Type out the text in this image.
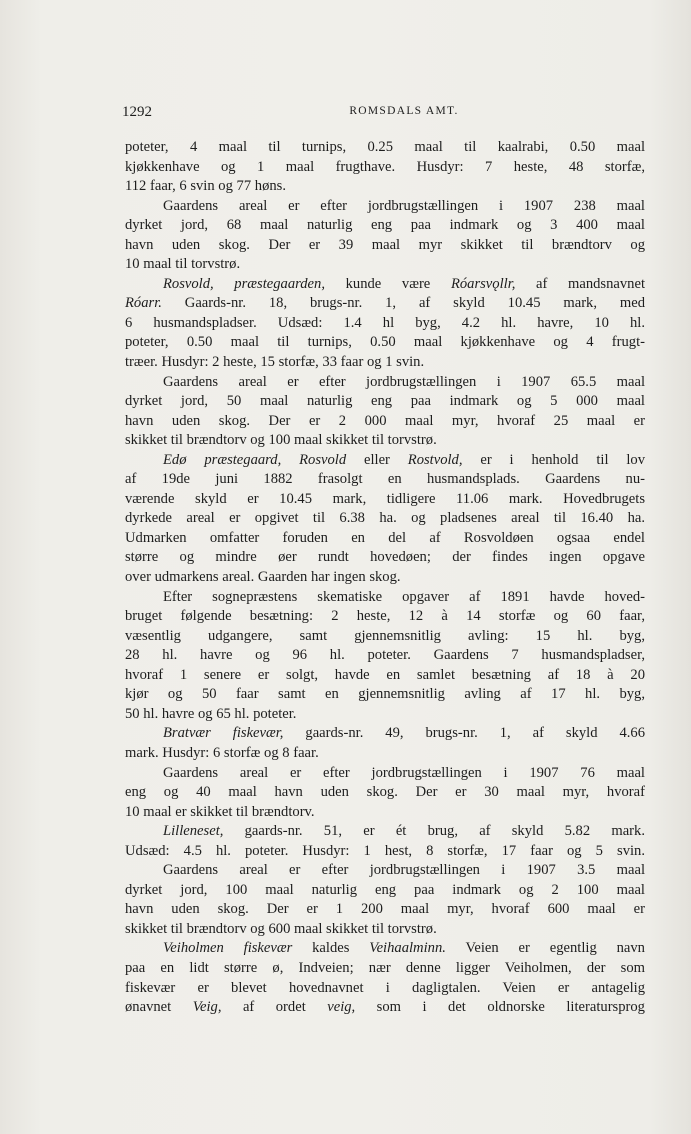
1292	ROMSDALS AMT.
poteter, 4 maal til turnips, 0.25 maal til kaalrabi, 0.50 maal
kjøkkenhave og 1 maal frugthave. Husdyr: 7 heste, 48 storfæ,
112 faar, 6 svin og 77 høns.
Gaardens areal er efter jordbrugstællingen i 1907 238 maal
dyrket jord, 68 maal naturlig eng paa indmark og 3 400 maal
havn uden skog. Der er 39 maal myr skikket til brændtorv og
10 maal til torvstrø.
Rosvold, præstegaarden, kunde være Róarsvǫllr, af mandsnavnet
Róarr. Gaards-nr. 18, brugs-nr. 1, af skyld 10.45 mark, med
6 husmandspladser. Udsæd: 1.4 hl byg, 4.2 hl. havre, 10 hl.
poteter, 0.50 maal til turnips, 0.50 maal kjøkkenhave og 4 frugt-
træer. Husdyr: 2 heste, 15 storfæ, 33 faar og 1 svin.
Gaardens areal er efter jordbrugstællingen i 1907 65.5 maal
dyrket jord, 50 maal naturlig eng paa indmark og 5 000 maal
havn uden skog. Der er 2 000 maal myr, hvoraf 25 maal er
skikket til brændtorv og 100 maal skikket til torvstrø.
Edø præstegaard, Rosvold eller Rostvold, er i henhold til lov
af 19de juni 1882 frasolgt en husmandsplads. Gaardens nu-
værende skyld er 10.45 mark, tidligere 11.06 mark. Hovedbrugets
dyrkede areal er opgivet til 6.38 ha. og pladsenes areal til 16.40 ha.
Udmarken omfatter foruden en del af Rosvoldøen ogsaa endel
større og mindre øer rundt hovedøen; der findes ingen opgave
over udmarkens areal. Gaarden har ingen skog.
Efter sognepræstens skematiske opgaver af 1891 havde hoved-
bruget følgende besætning: 2 heste, 12 à 14 storfæ og 60 faar,
væsentlig udgangere, samt gjennemsnitlig avling: 15 hl. byg,
28 hl. havre og 96 hl. poteter. Gaardens 7 husmandspladser,
hvoraf 1 senere er solgt, havde en samlet besætning af 18 à 20
kjør og 50 faar samt en gjennemsnitlig avling af 17 hl. byg,
50 hl. havre og 65 hl. poteter.
Bratvær fiskevær, gaards-nr. 49, brugs-nr. 1, af skyld 4.66
mark. Husdyr: 6 storfæ og 8 faar.
Gaardens areal er efter jordbrugstællingen i 1907 76 maal
eng og 40 maal havn uden skog. Der er 30 maal myr, hvoraf
10 maal er skikket til brændtorv.
Lilleneset, gaards-nr. 51, er ét brug, af skyld 5.82 mark.
Udsæd: 4.5 hl. poteter. Husdyr: 1 hest, 8 storfæ, 17 faar og 5 svin.
Gaardens areal er efter jordbrugstællingen i 1907 3.5 maal
dyrket jord, 100 maal naturlig eng paa indmark og 2 100 maal
havn uden skog. Der er 1 200 maal myr, hvoraf 600 maal er
skikket til brændtorv og 600 maal skikket til torvstrø.
Veiholmen fiskevær kaldes Veihaalminn. Veien er egentlig navn
paa en lidt større ø, Indveien; nær denne ligger Veiholmen, der som
fiskevær er blevet hovednavnet i dagligtalen. Veien er antagelig
ønavnet Veig, af ordet veig, som i det oldnorske literatursprog
